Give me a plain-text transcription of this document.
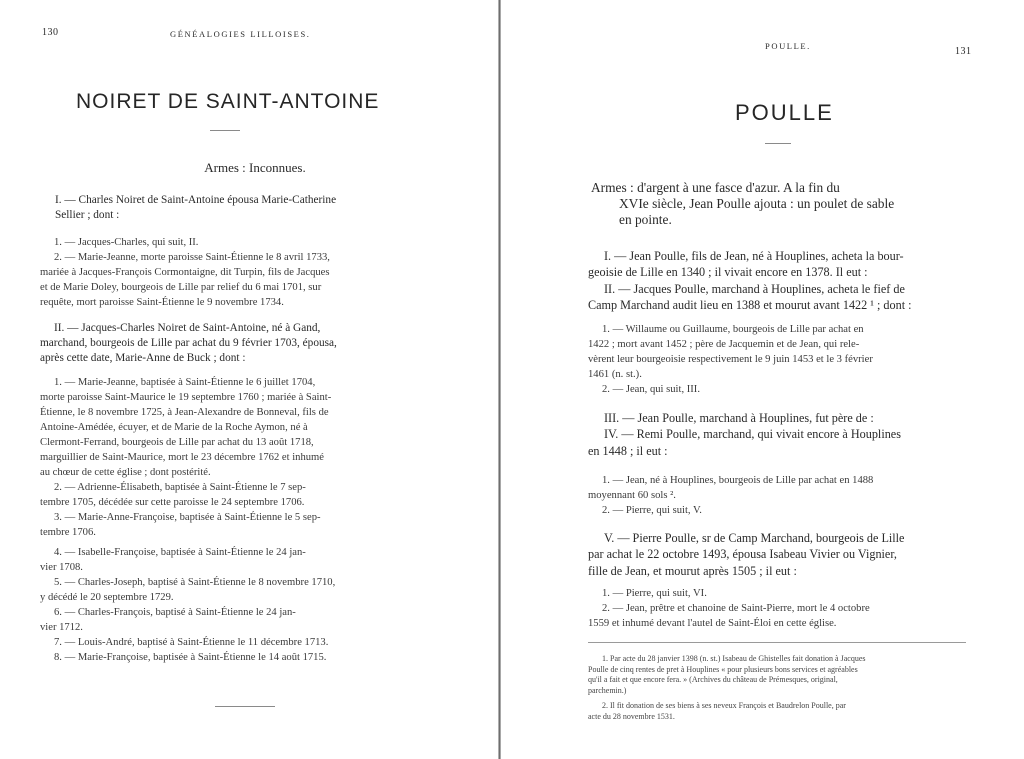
130	GÉNÉALOGIES LILLOISES.
NOIRET DE SAINT-ANTOINE
Armes : Inconnues.
I. — Charles Noiret de Saint-Antoine épousa Marie-Catherine
Sellier ; dont :
1. — Jacques-Charles, qui suit, II.
2. — Marie-Jeanne, morte paroisse Saint-Étienne le 8 avril 1733,
mariée à Jacques-François Cormontaigne, dit Turpin, fils de Jacques
et de Marie Doley, bourgeois de Lille par relief du 6 mai 1701, sur
requête, mort paroisse Saint-Étienne le 9 novembre 1734.
II. — Jacques-Charles Noiret de Saint-Antoine, né à Gand,
marchand, bourgeois de Lille par achat du 9 février 1703, épousa,
après cette date, Marie-Anne de Buck ; dont :
1. — Marie-Jeanne, baptisée à Saint-Étienne le 6 juillet 1704,
morte paroisse Saint-Maurice le 19 septembre 1760 ; mariée à Saint-
Étienne, le 8 novembre 1725, à Jean-Alexandre de Bonneval, fils de
Antoine-Amédée, écuyer, et de Marie de la Roche Aymon, né à
Clermont-Ferrand, bourgeois de Lille par achat du 13 août 1718,
marguillier de Saint-Maurice, mort le 23 décembre 1762 et inhumé
au chœur de cette église ; dont postérité.
2. — Adrienne-Élisabeth, baptisée à Saint-Étienne le 7 sep-
tembre 1705, décédée sur cette paroisse le 24 septembre 1706.
3. — Marie-Anne-Françoise, baptisée à Saint-Étienne le 5 sep-
tembre 1706.
4. — Isabelle-Françoise, baptisée à Saint-Étienne le 24 jan-
vier 1708.
5. — Charles-Joseph, baptisé à Saint-Étienne le 8 novembre 1710,
y décédé le 20 septembre 1729.
6. — Charles-François, baptisé à Saint-Étienne le 24 jan-
vier 1712.
7. — Louis-André, baptisé à Saint-Étienne le 11 décembre 1713.
8. — Marie-Françoise, baptisée à Saint-Étienne le 14 août 1715.
POULLE.	131
POULLE
Armes : d'argent à une fasce d'azur. A la fin du
XVIe siècle, Jean Poulle ajouta : un poulet de sable
en pointe.
I. — Jean Poulle, fils de Jean, né à Houplines, acheta la bour-
geoisie de Lille en 1340 ; il vivait encore en 1378. Il eut :
II. — Jacques Poulle, marchand à Houplines, acheta le fief de
Camp Marchand audit lieu en 1388 et mourut avant 1422 ¹ ; dont :
1. — Willaume ou Guillaume, bourgeois de Lille par achat en
1422 ; mort avant 1452 ; père de Jacquemin et de Jean, qui rele-
vèrent leur bourgeoisie respectivement le 9 juin 1453 et le 3 février
1461 (n. st.).
2. — Jean, qui suit, III.
III. — Jean Poulle, marchand à Houplines, fut père de :
IV. — Remi Poulle, marchand, qui vivait encore à Houplines
en 1448 ; il eut :
1. — Jean, né à Houplines, bourgeois de Lille par achat en 1488
moyennant 60 sols ².
2. — Pierre, qui suit, V.
V. — Pierre Poulle, sr de Camp Marchand, bourgeois de Lille
par achat le 22 octobre 1493, épousa Isabeau Vivier ou Vignier,
fille de Jean, et mourut après 1505 ; il eut :
1. — Pierre, qui suit, VI.
2. — Jean, prêtre et chanoine de Saint-Pierre, mort le 4 octobre
1559 et inhumé devant l'autel de Saint-Éloi en cette église.
1. Par acte du 28 janvier 1398 (n. st.) Isabeau de Ghistelles fait donation à Jacques
Poulle de cinq rentes de pret à Houplines « pour plusieurs bons services et agréables
qu'il a fait et que encore fera. » (Archives du château de Prémesques, original,
parchemin.)
2. Il fit donation de ses biens à ses neveux François et Baudrelon Poulle, par
acte du 28 novembre 1531.
